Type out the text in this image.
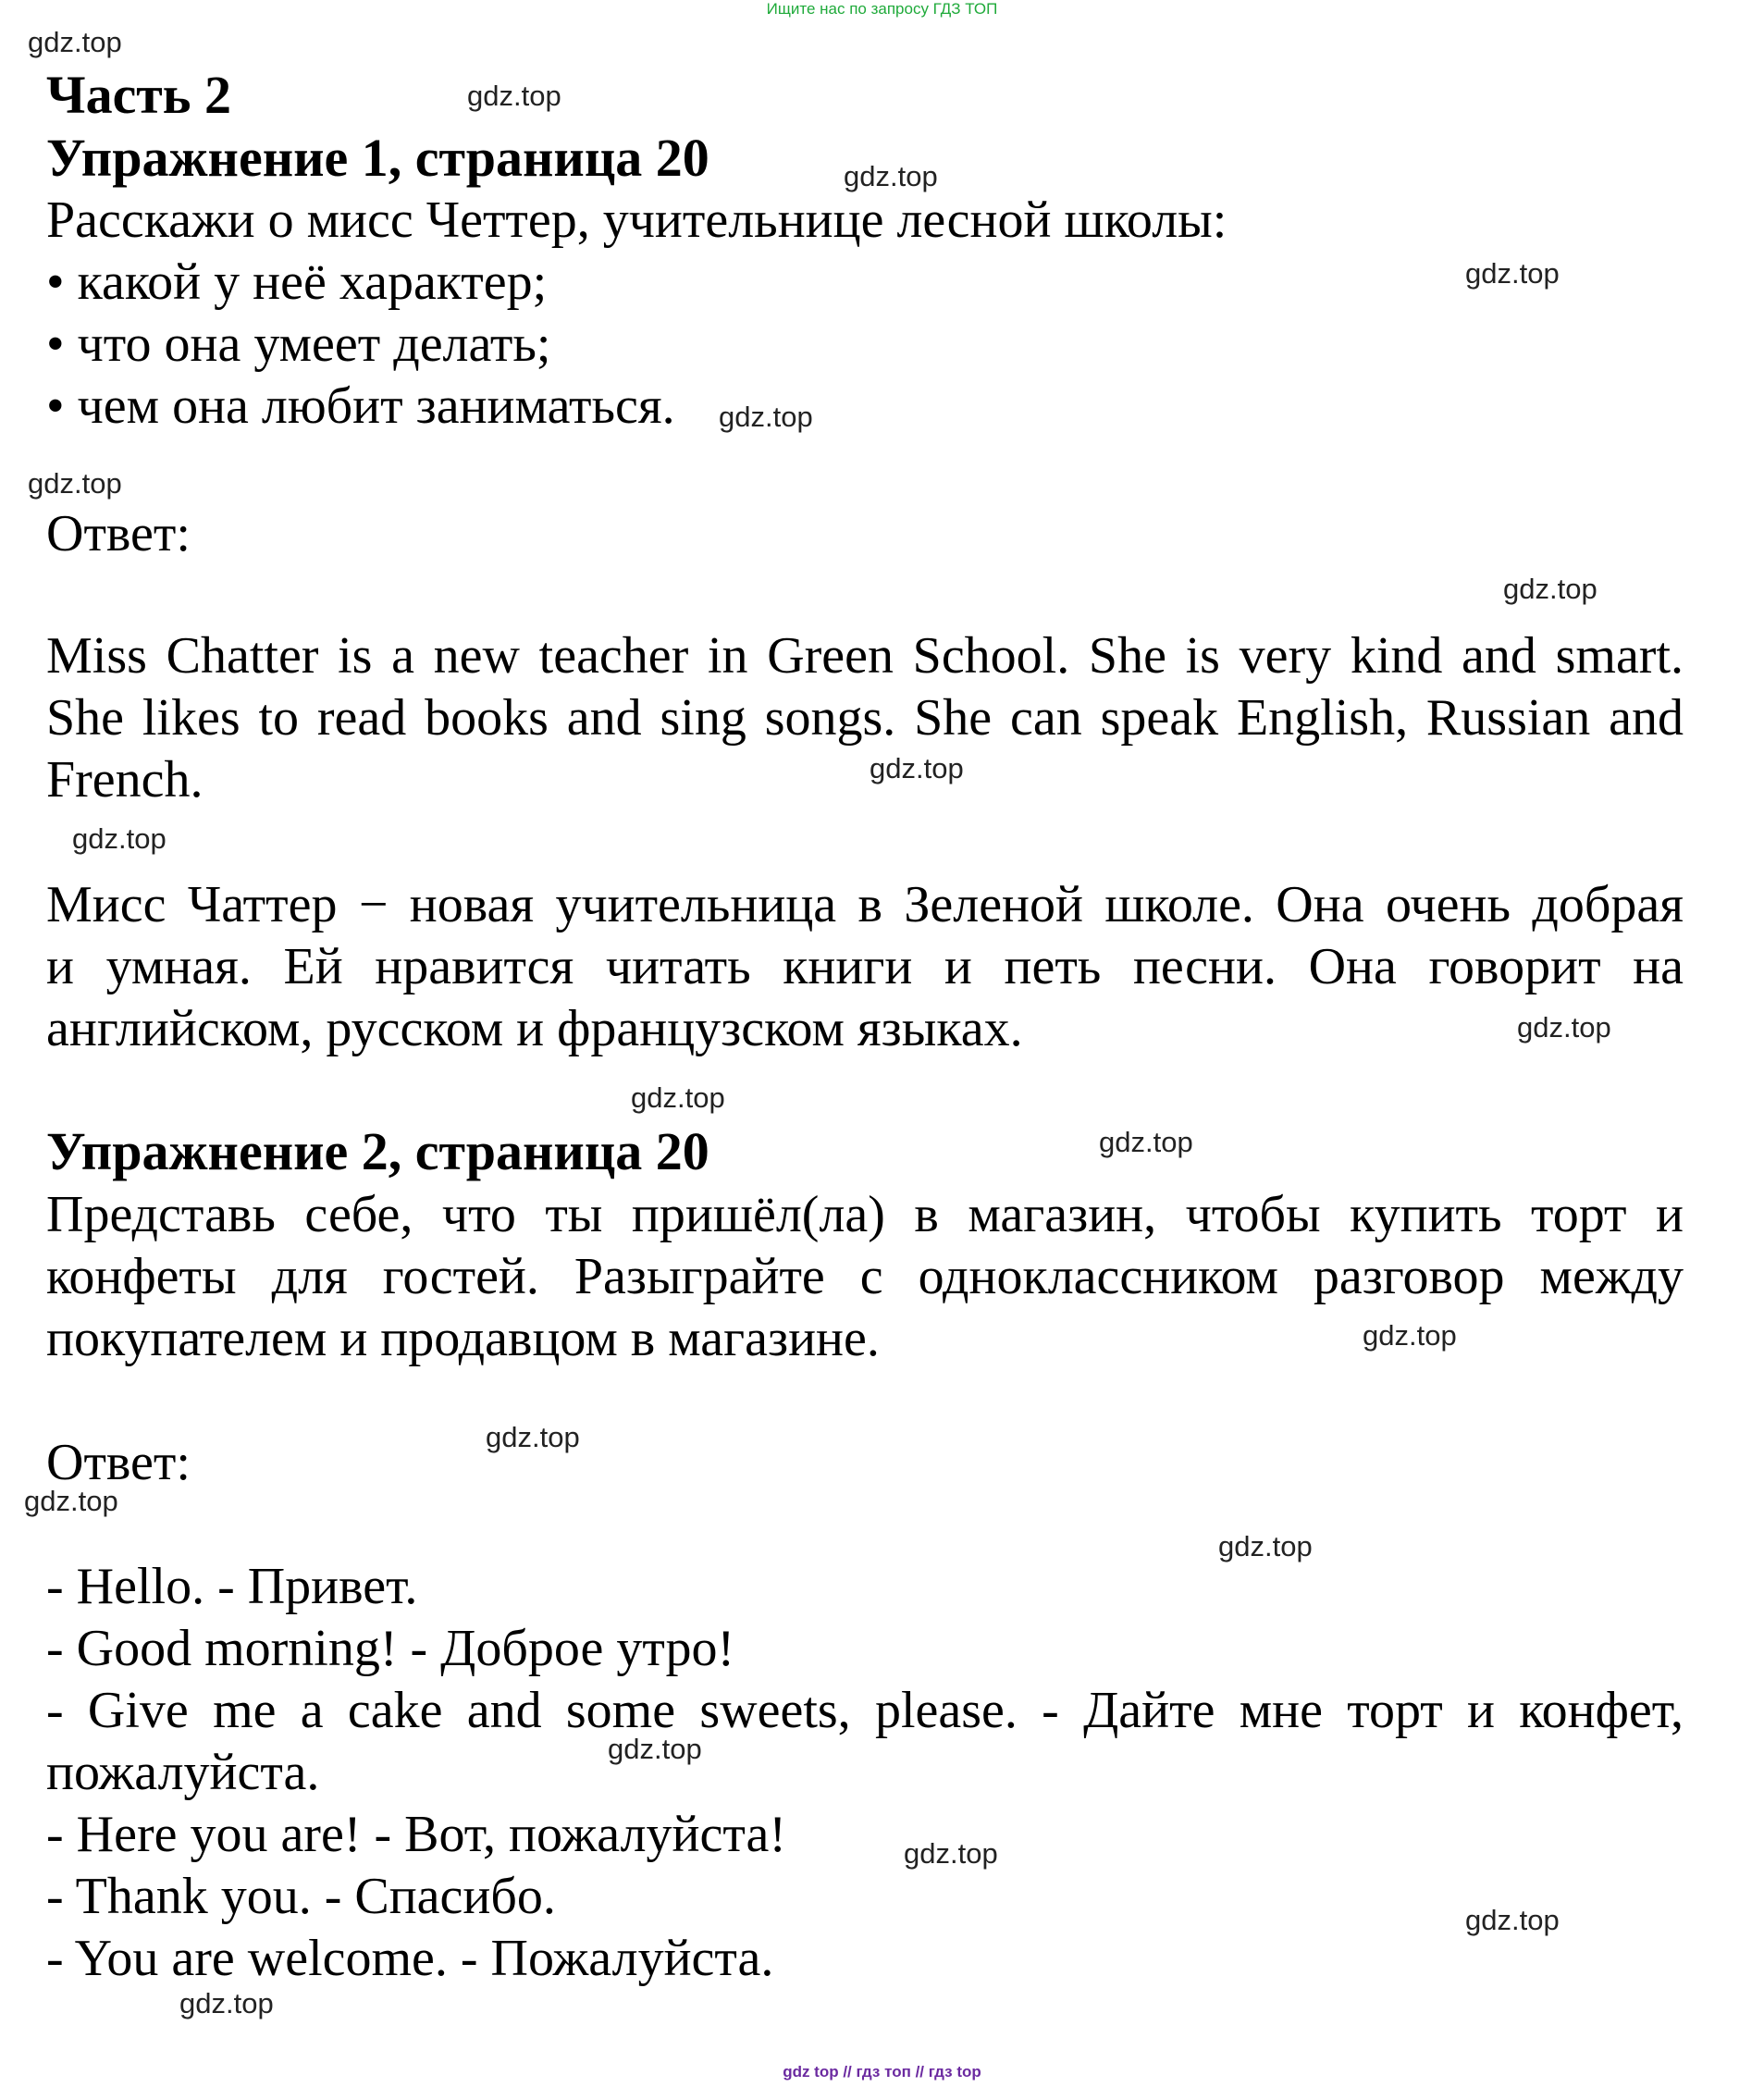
Ищите нас по запросу ГДЗ ТОП
Часть 2
Упражнение 1, страница 20
Расскажи о мисс Четтер, учительнице лесной школы:
• какой у неё характер;
• что она умеет делать;
• чем она любит заниматься.
Ответ:
Miss Chatter is a new teacher in Green School. She is very kind and smart.
She likes to read books and sing songs. She can speak English, Russian and
French.
Мисс Чаттер − новая учительница в Зеленой школе. Она очень добрая
и умная. Ей нравится читать книги и петь песни. Она говорит на
английском, русском и французском языках.
Упражнение 2, страница 20
Представь себе, что ты пришёл(ла) в магазин, чтобы купить торт и
конфеты для гостей. Разыграйте с одноклассником разговор между
покупателем и продавцом в магазине.
Ответ:
- Hello. - Привет.
- Good morning! - Доброе утро!
- Give me a cake and some sweets, please. - Дайте мне торт и конфет,
пожалуйста.
- Here you are! - Вот, пожалуйста!
- Thank you. - Спасибо.
- You are welcome. - Пожалуйста.
gdz.top
gdz.top
gdz.top
gdz.top
gdz.top
gdz.top
gdz.top
gdz.top
gdz.top
gdz.top
gdz.top
gdz.top
gdz.top
gdz.top
gdz.top
gdz.top
gdz.top
gdz.top
gdz.top
gdz.top
gdz top // гдз топ // гдз top
